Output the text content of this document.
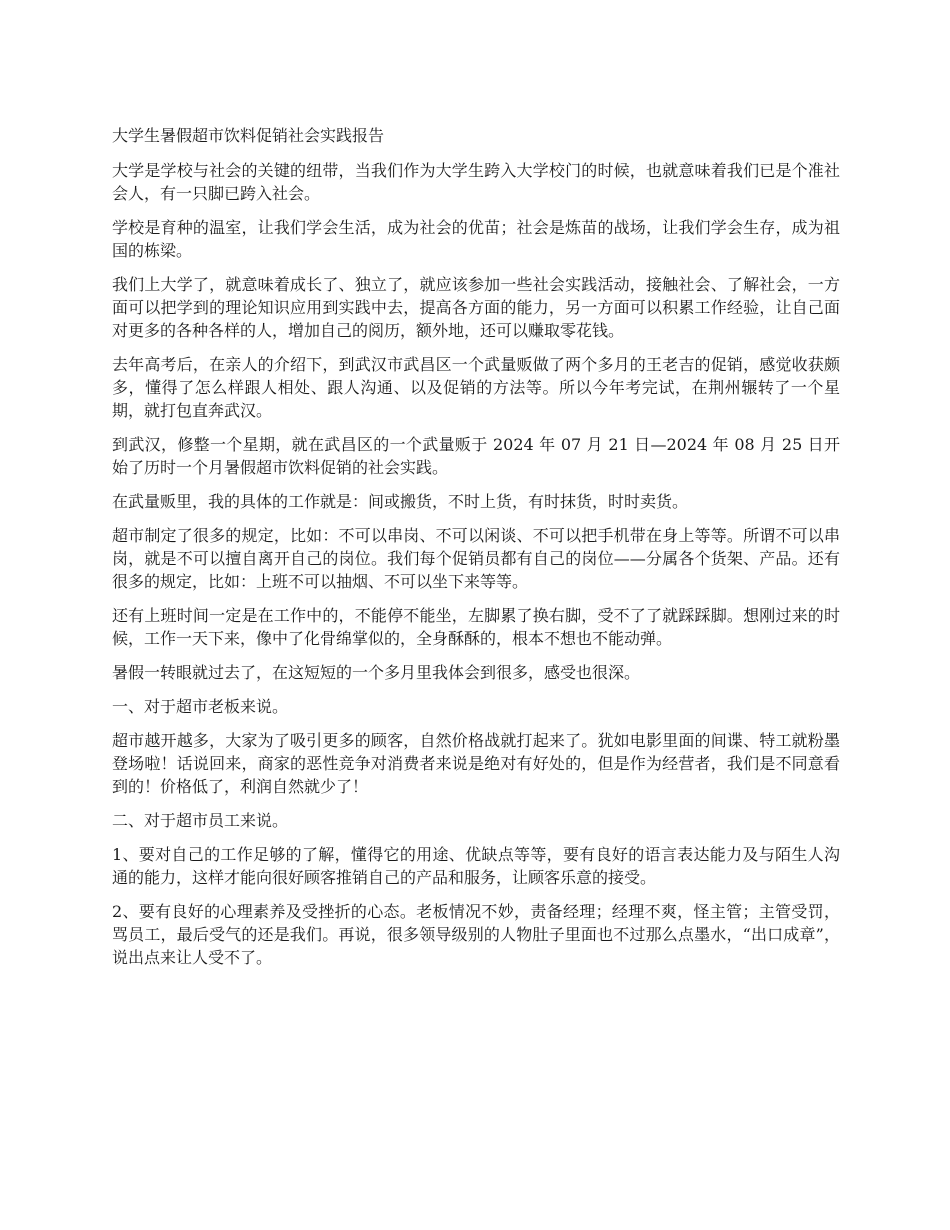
大学生暑假超市饮料促销社会实践报告

大学是学校与社会的关键的纽带，当我们作为大学生跨入大学校门的时候，也就意味着我们已是个准社会人，有一只脚已跨入社会。

学校是育种的温室，让我们学会生活，成为社会的优苗；社会是炼苗的战场，让我们学会生存，成为祖国的栋梁。

我们上大学了，就意味着成长了、独立了，就应该参加一些社会实践活动，接触社会、了解社会，一方面可以把学到的理论知识应用到实践中去，提高各方面的能力，另一方面可以积累工作经验，让自己面对更多的各种各样的人，增加自己的阅历，额外地，还可以赚取零花钱。

去年高考后，在亲人的介绍下，到武汉市武昌区一个武量贩做了两个多月的王老吉的促销，感觉收获颇多，懂得了怎么样跟人相处、跟人沟通、以及促销的方法等。所以今年考完试，在荆州辗转了一个星期，就打包直奔武汉。

到武汉，修整一个星期，就在武昌区的一个武量贩于 2024 年 07 月 21 日—2024 年 08 月 25 日开始了历时一个月暑假超市饮料促销的社会实践。

在武量贩里，我的具体的工作就是：间或搬货，不时上货，有时抹货，时时卖货。

超市制定了很多的规定，比如：不可以串岗、不可以闲谈、不可以把手机带在身上等等。所谓不可以串岗，就是不可以擅自离开自己的岗位。我们每个促销员都有自己的岗位——分属各个货架、产品。还有很多的规定，比如：上班不可以抽烟、不可以坐下来等等。

还有上班时间一定是在工作中的，不能停不能坐，左脚累了换右脚，受不了了就踩踩脚。想刚过来的时候，工作一天下来，像中了化骨绵掌似的，全身酥酥的，根本不想也不能动弹。

暑假一转眼就过去了，在这短短的一个多月里我体会到很多，感受也很深。

一、对于超市老板来说。

超市越开越多，大家为了吸引更多的顾客，自然价格战就打起来了。犹如电影里面的间谍、特工就粉墨登场啦！话说回来，商家的恶性竞争对消费者来说是绝对有好处的，但是作为经营者，我们是不同意看到的！价格低了，利润自然就少了！

二、对于超市员工来说。

1、要对自己的工作足够的了解，懂得它的用途、优缺点等等，要有良好的语言表达能力及与陌生人沟通的能力，这样才能向很好顾客推销自己的产品和服务，让顾客乐意的接受。

2、要有良好的心理素养及受挫折的心态。老板情况不妙，责备经理；经理不爽，怪主管；主管受罚，骂员工，最后受气的还是我们。再说，很多领导级别的人物肚子里面也不过那么点墨水，“出口成章”，说出点来让人受不了。
